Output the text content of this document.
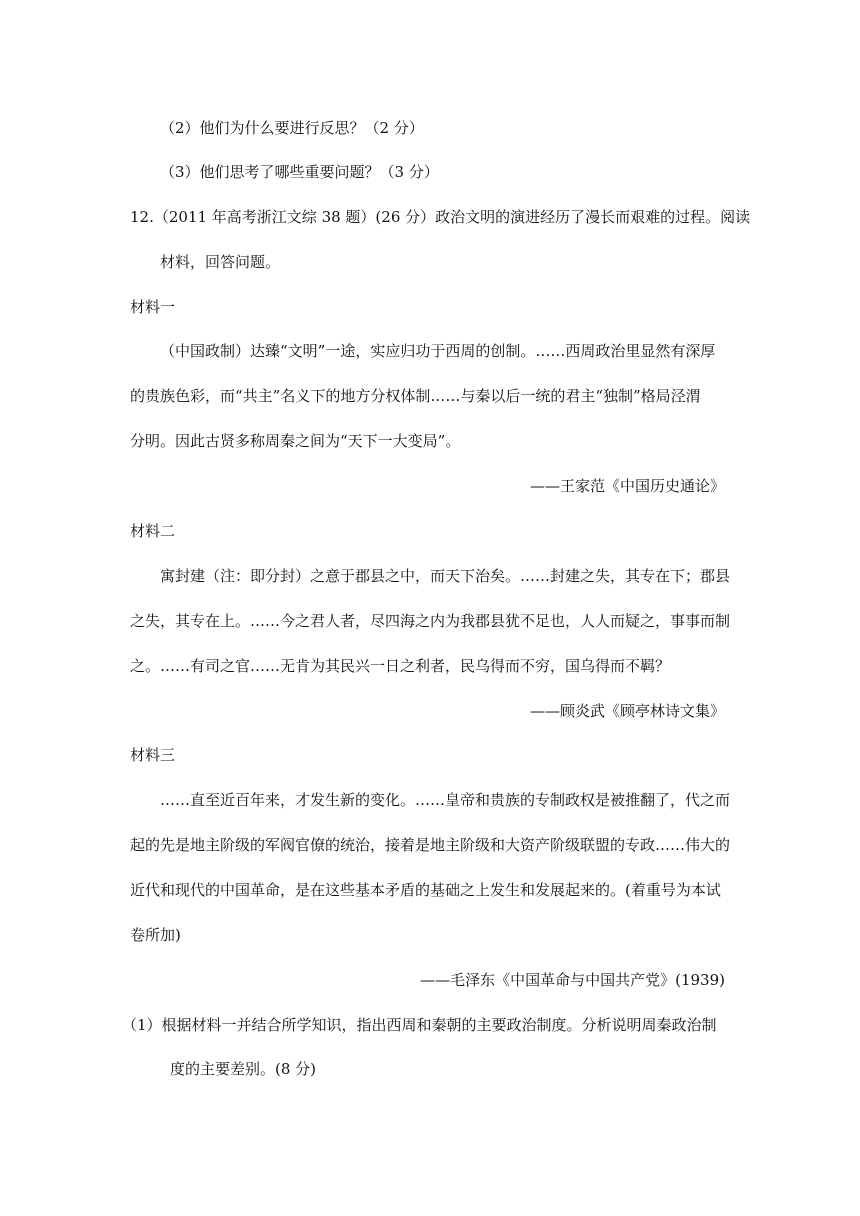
（2）他们为什么要进行反思？（2 分）
（3）他们思考了哪些重要问题？（3 分）
12.（2011 年高考浙江文综 38 题）(26 分）政治文明的演进经历了漫长而艰难的过程。阅读
材料，回答问题。
材料一
（中国政制）达臻“文明”一途，实应归功于西周的创制。……西周政治里显然有深厚
的贵族色彩，而“共主”名义下的地方分权体制……与秦以后一统的君主“独制”格局泾渭
分明。因此古贤多称周秦之间为“天下一大变局”。
——王家范《中国历史通论》
材料二
寓封建（注：即分封）之意于郡县之中，而天下治矣。……封建之失，其专在下；郡县
之失，其专在上。……今之君人者，尽四海之内为我郡县犹不足也，人人而疑之，事事而制
之。……有司之官……无肯为其民兴一日之利者，民乌得而不穷，国乌得而不羁？
——顾炎武《顾亭林诗文集》
材料三
……直至近百年来，才发生新的变化。……皇帝和贵族的专制政权是被推翻了，代之而
起的先是地主阶级的军阀官僚的统治，接着是地主阶级和大资产阶级联盟的专政……伟大的
近代和现代的中国革命，是在这些基本矛盾的基础之上发生和发展起来的。(着重号为本试
卷所加)
——毛泽东《中国革命与中国共产党》(1939)
（1）根据材料一并结合所学知识，指出西周和秦朝的主要政治制度。分析说明周秦政治制
度的主要差别。(8 分)
